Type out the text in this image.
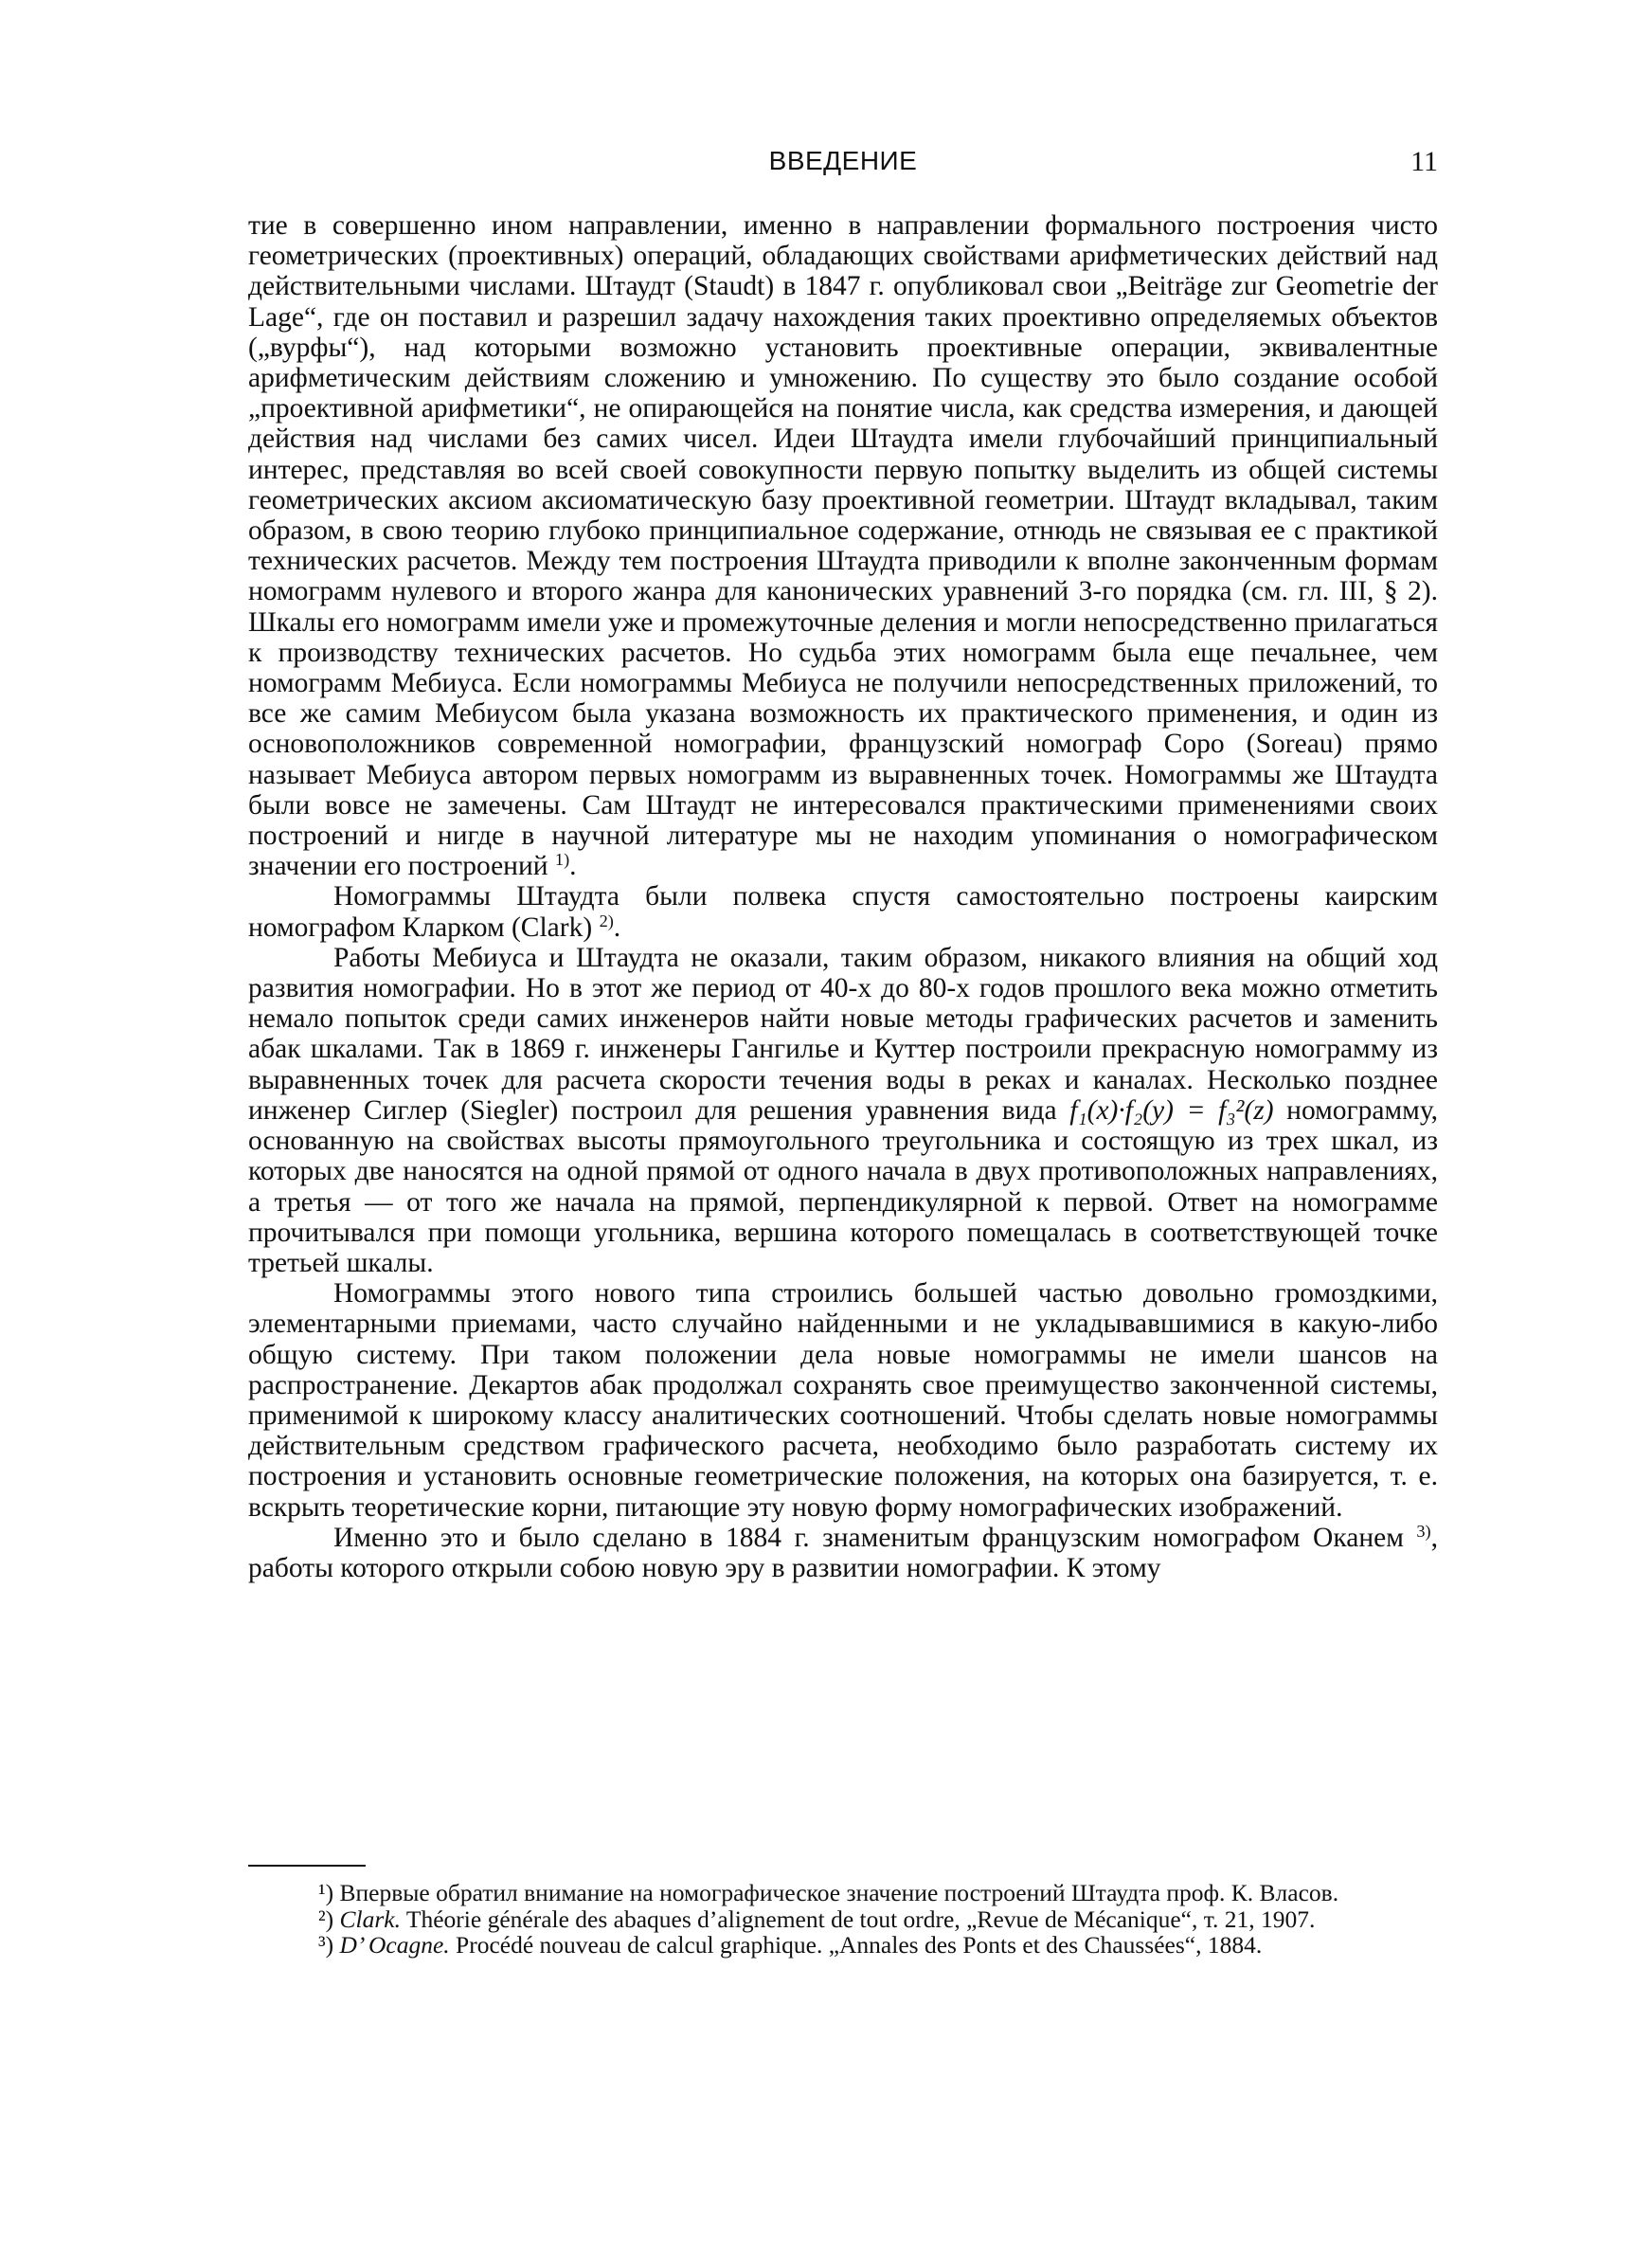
ВВЕДЕНИЕ	11

тие в совершенно ином направлении, именно в направлении формального построения чисто геометрических (проективных) операций, обладающих свойствами арифметических действий над действительными числами. Штаудт (Staudt) в 1847 г. опубликовал свои „Beiträge zur Geometrie der Lage“, где он поставил и разрешил задачу нахождения таких проективно определяемых объектов („вурфы“), над которыми возможно установить проективные операции, эквивалентные арифметическим действиям сложению и умножению. По существу это было создание особой „проективной арифметики“, не опирающейся на понятие числа, как средства измерения, и дающей действия над числами без самих чисел. Идеи Штаудта имели глубочайший принципиальный интерес, представляя во всей своей совокупности первую попытку выделить из общей системы геометрических аксиом аксиоматическую базу проективной геометрии. Штаудт вкладывал, таким образом, в свою теорию глубоко принципиальное содержание, отнюдь не связывая ее с практикой технических расчетов. Между тем построения Штаудта приводили к вполне законченным формам номограмм нулевого и второго жанра для канонических уравнений 3-го порядка (см. гл. III, § 2). Шкалы его номограмм имели уже и промежуточные деления и могли непосредственно прилагаться к производству технических расчетов. Но судьба этих номограмм была еще печальнее, чем номограмм Мебиуса. Если номограммы Мебиуса не получили непосредственных приложений, то все же самим Мебиусом была указана возможность их практического применения, и один из основоположников современной номографии, французский номограф Соро (Soreau) прямо называет Мебиуса автором первых номограмм из выравненных точек. Номограммы же Штаудта были вовсе не замечены. Сам Штаудт не интересовался практическими применениями своих построений и нигде в научной литературе мы не находим упоминания о номографическом значении его построений $^{1)}$.

Номограммы Штаудта были полвека спустя самостоятельно построены каирским номографом Кларком (Clark) $^{2)}$.

Работы Мебиуса и Штаудта не оказали, таким образом, никакого влияния на общий ход развития номографии. Но в этот же период от 40-х до 80-х годов прошлого века можно отметить немало попыток среди самих инженеров найти новые методы графических расчетов и заменить абак шкалами. Так в 1869 г. инженеры Гангилье и Куттер построили прекрасную номограмму из выравненных точек для расчета скорости течения воды в реках и каналах. Несколько позднее инженер Сиглер (Siegler) построил для решения уравнения вида f₁(x)·f₂(y) = f₃²(z) номограмму, основанную на свойствах высоты прямоугольного треугольника и состоящую из трех шкал, из которых две наносятся на одной прямой от одного начала в двух противоположных направлениях, а третья — от того же начала на прямой, перпендикулярной к первой. Ответ на номограмме прочитывался при помощи угольника, вершина которого помещалась в соответствующей точке третьей шкалы.

Номограммы этого нового типа строились большей частью довольно громоздкими, элементарными приемами, часто случайно найденными и не укладывавшимися в какую-либо общую систему. При таком положении дела новые номограммы не имели шансов на распространение. Декартов абак продолжал сохранять свое преимущество законченной системы, применимой к широкому классу аналитических соотношений. Чтобы сделать новые номограммы действительным средством графического расчета, необходимо было разработать систему их построения и установить основные геометрические положения, на которых она базируется, т. е. вскрыть теоретические корни, питающие эту новую форму номографических изображений.

Именно это и было сделано в 1884 г. знаменитым французским номографом Оканем $^{3)}$, работы которого открыли собою новую эру в развитии номографии. К этому

¹) Впервые обратил внимание на номографическое значение построений Штаудта проф. К. Власов.

²) Clark. Théorie générale des abaques d’alignement de tout ordre, „Revue de Mécanique“, т. 21, 1907.

³) D’ Ocagne. Procédé nouveau de calcul graphique. „Annales des Ponts et des Chaussées“, 1884.
